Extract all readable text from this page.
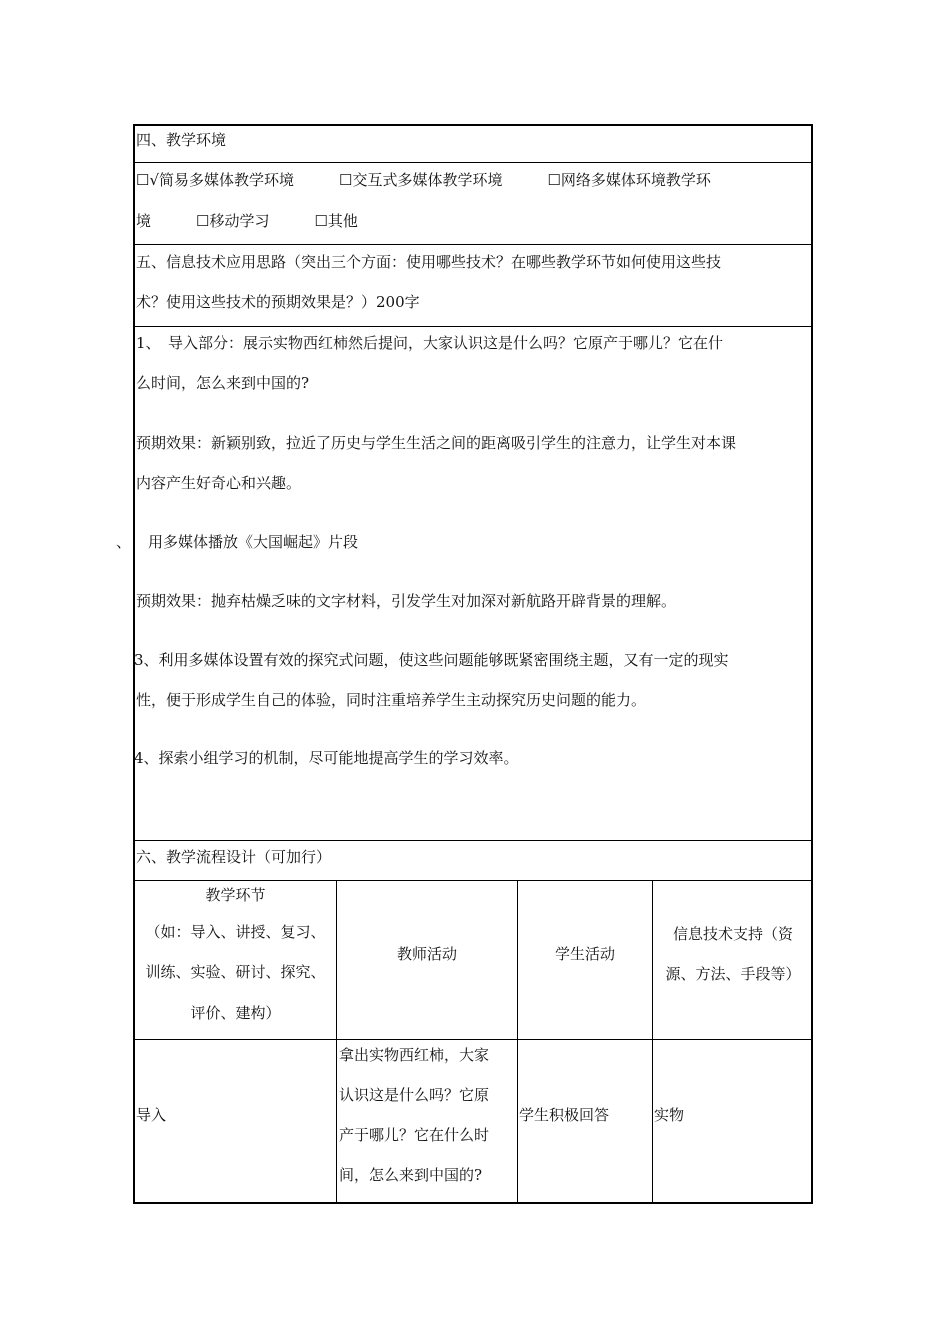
四、教学环境
☐√简易多媒体教学环境　　　☐交互式多媒体教学环境　　　☐网络多媒体环境教学环
境　　　☐移动学习　　　☐其他
五、信息技术应用思路（突出三个方面：使用哪些技术？在哪些教学环节如何使用这些技
术？使用这些技术的预期效果是？）200字
1、　导入部分：展示实物西红柿然后提问，大家认识这是什么吗？它原产于哪儿？它在什
么时间，怎么来到中国的?
预期效果：新颖别致，拉近了历史与学生生活之间的距离吸引学生的注意力，让学生对本课
内容产生好奇心和兴趣。
、 用多媒体播放《大国崛起》片段
预期效果：抛弃枯燥乏味的文字材料，引发学生对加深对新航路开辟背景的理解。
3、利用多媒体设置有效的探究式问题，使这些问题能够既紧密围绕主题，又有一定的现实
性，便于形成学生自己的体验，同时注重培养学生主动探究历史问题的能力。
4、探索小组学习的机制，尽可能地提高学生的学习效率。
六、教学流程设计（可加行）
教学环节
（如：导入、讲授、复习、
训练、实验、研讨、探究、
评价、建构）
教师活动	学生活动
信息技术支持（资
源、方法、手段等）
导入
拿出实物西红柿，大家
认识这是什么吗？它原
产于哪儿？它在什么时
间，怎么来到中国的?
学生积极回答	实物
